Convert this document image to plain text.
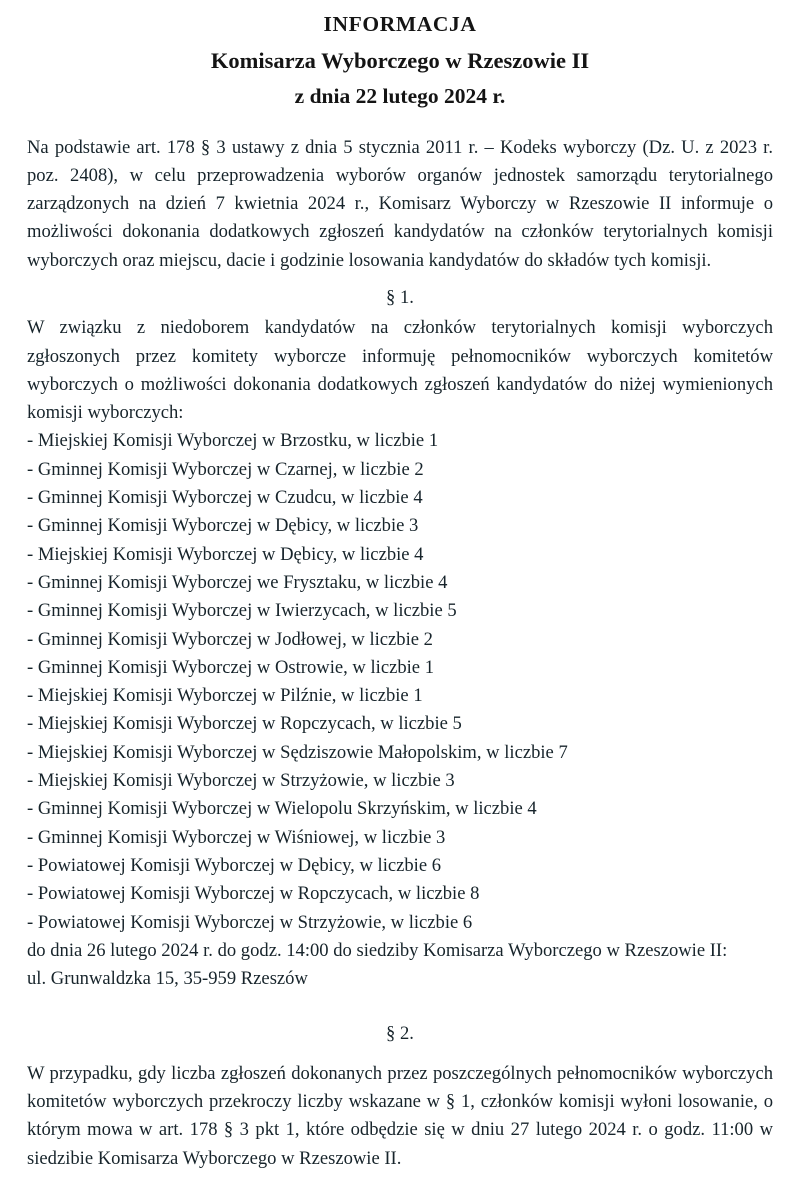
INFORMACJA
Komisarza Wyborczego w Rzeszowie II
z dnia 22 lutego 2024 r.

Na podstawie art. 178 § 3 ustawy z dnia 5 stycznia 2011 r. – Kodeks wyborczy (Dz. U. z 2023 r. poz. 2408), w celu przeprowadzenia wyborów organów jednostek samorządu terytorialnego zarządzonych na dzień 7 kwietnia 2024 r., Komisarz Wyborczy w Rzeszowie II informuje o możliwości dokonania dodatkowych zgłoszeń kandydatów na członków terytorialnych komisji wyborczych oraz miejscu, dacie i godzinie losowania kandydatów do składów tych komisji.

§ 1.

W związku z niedoborem kandydatów na członków terytorialnych komisji wyborczych zgłoszonych przez komitety wyborcze informuję pełnomocników wyborczych komitetów wyborczych o możliwości dokonania dodatkowych zgłoszeń kandydatów do niżej wymienionych komisji wyborczych:

- Miejskiej Komisji Wyborczej w Brzostku, w liczbie 1
- Gminnej Komisji Wyborczej w Czarnej, w liczbie 2
- Gminnej Komisji Wyborczej w Czudcu, w liczbie 4
- Gminnej Komisji Wyborczej w Dębicy, w liczbie 3
- Miejskiej Komisji Wyborczej w Dębicy, w liczbie 4
- Gminnej Komisji Wyborczej we Frysztaku, w liczbie 4
- Gminnej Komisji Wyborczej w Iwierzycach, w liczbie 5
- Gminnej Komisji Wyborczej w Jodłowej, w liczbie 2
- Gminnej Komisji Wyborczej w Ostrowie, w liczbie 1
- Miejskiej Komisji Wyborczej w Pilźnie, w liczbie 1
- Miejskiej Komisji Wyborczej w Ropczycach, w liczbie 5
- Miejskiej Komisji Wyborczej w Sędziszowie Małopolskim, w liczbie 7
- Miejskiej Komisji Wyborczej w Strzyżowie, w liczbie 3
- Gminnej Komisji Wyborczej w Wielopolu Skrzyńskim, w liczbie 4
- Gminnej Komisji Wyborczej w Wiśniowej, w liczbie 3
- Powiatowej Komisji Wyborczej w Dębicy, w liczbie 6
- Powiatowej Komisji Wyborczej w Ropczycach, w liczbie 8
- Powiatowej Komisji Wyborczej w Strzyżowie, w liczbie 6
do dnia 26 lutego 2024 r. do godz. 14:00 do siedziby Komisarza Wyborczego w Rzeszowie II:
ul. Grunwaldzka 15, 35-959 Rzeszów
§ 2.

W przypadku, gdy liczba zgłoszeń dokonanych przez poszczególnych pełnomocników wyborczych komitetów wyborczych przekroczy liczby wskazane w § 1, członków komisji wyłoni losowanie, o którym mowa w art. 178 § 3 pkt 1, które odbędzie się w dniu 27 lutego 2024 r. o godz. 11:00 w siedzibie Komisarza Wyborczego w Rzeszowie II.
